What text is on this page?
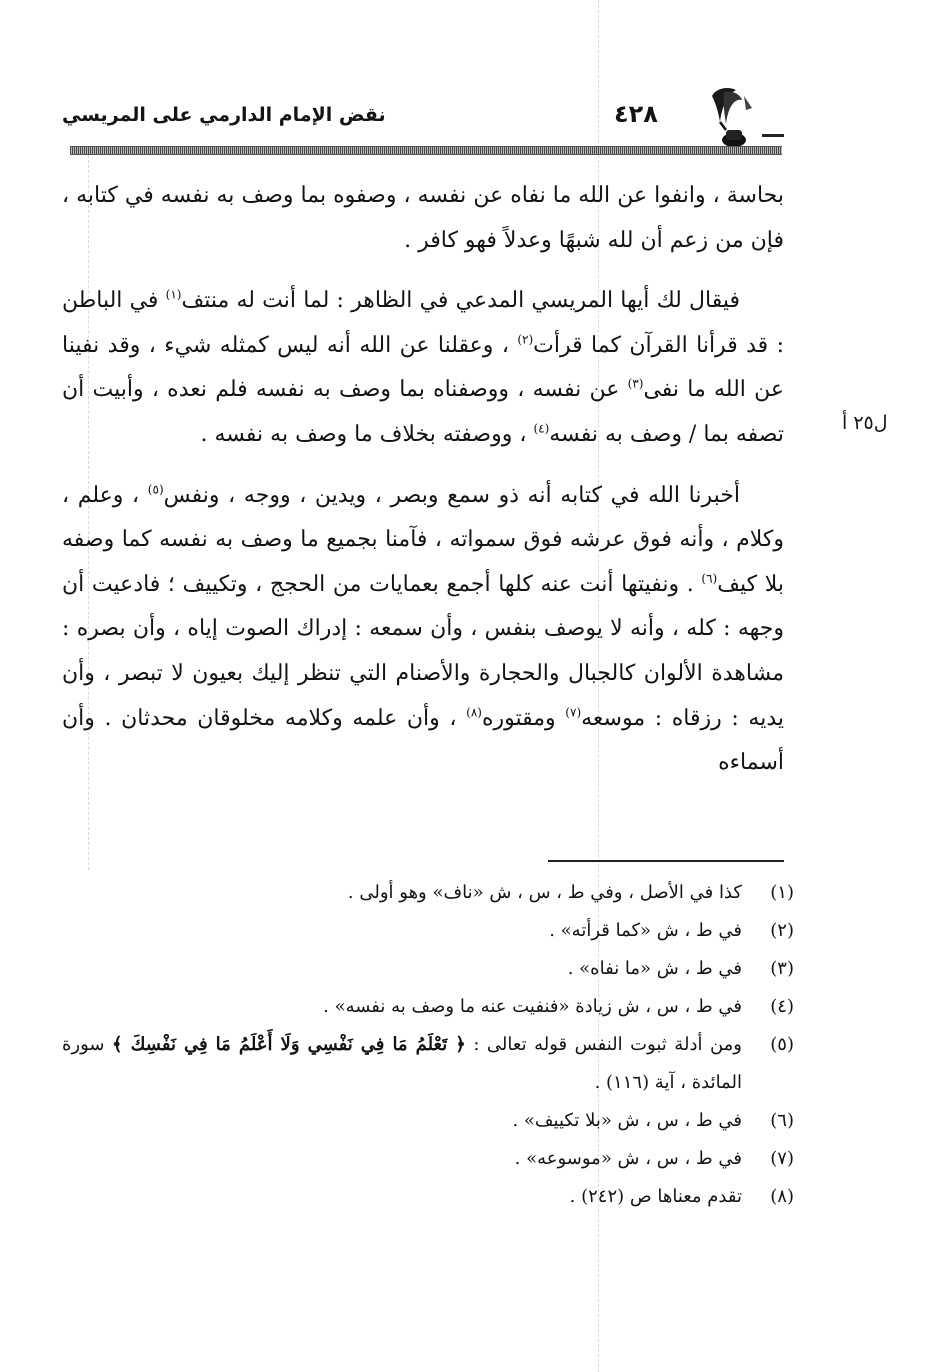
نقض الإمام الدارمي على المريسي	٤٢٨
ل٢٥ أ

بحاسة ، وانفوا عن الله ما نفاه عن نفسه ، وصفوه بما وصف به نفسه في كتابه ، فإن من زعم أن لله شبهًا وعدلاً فهو كافر .

فيقال لك أيها المريسي المدعي في الظاهر : لما أنت له منتف$^{(١)}$ في الباطن : قد قرأنا القرآن كما قرأت$^{(٢)}$ ، وعقلنا عن الله أنه ليس كمثله شيء ، وقد نفينا عن الله ما نفى$^{(٣)}$ عن نفسه ، ووصفناه بما وصف به نفسه فلم نعده ، وأبيت أن تصفه بما / وصف به نفسه$^{(٤)}$ ، ووصفته بخلاف ما وصف به نفسه .

أخبرنا الله في كتابه أنه ذو سمع وبصر ، ويدين ، ووجه ، ونفس$^{(٥)}$ ، وعلم ، وكلام ، وأنه فوق عرشه فوق سمواته ، فآمنا بجميع ما وصف به نفسه كما وصفه بلا كيف$^{(٦)}$ . ونفيتها أنت عنه كلها أجمع بعمايات من الحجج ، وتكييف ؛ فادعيت أن وجهه : كله ، وأنه لا يوصف بنفس ، وأن سمعه : إدراك الصوت إياه ، وأن بصره : مشاهدة الألوان كالجبال والحجارة والأصنام التي تنظر إليك بعيون لا تبصر ، وأن يديه : رزقاه : موسعه$^{(٧)}$ ومقتوره$^{(٨)}$ ، وأن علمه وكلامه مخلوقان محدثان . وأن أسماءه

(١)
كذا في الأصل ، وفي ط ، س ، ش «ناف» وهو أولى .
(٢)
في ط ، ش «كما قرأته» .
(٣)
في ط ، ش «ما نفاه» .
(٤)
في ط ، س ، ش زيادة «فنفيت عنه ما وصف به نفسه» .
(٥)
ومن أدلة ثبوت النفس قوله تعالى : ﴿ تَعْلَمُ مَا فِي نَفْسِي وَلَا أَعْلَمُ مَا فِي نَفْسِكَ ﴾ سورة المائدة ، آية (١١٦) .
(٦)
في ط ، س ، ش «بلا تكييف» .
(٧)
في ط ، س ، ش «موسوعه» .
(٨)
تقدم معناها ص (٢٤٢) .
